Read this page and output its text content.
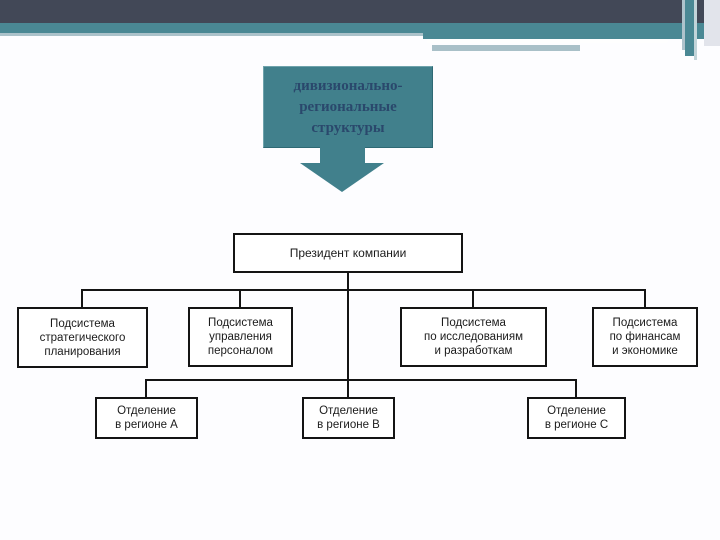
дивизионально-
региональные
структуры
Президент компании
Подсистема
стратегического
планирования
Подсистема
управления
персоналом
Подсистема
по исследованиям
и разработкам
Подсистема
по финансам
и экономике
Отделение
в регионе А
Отделение
в регионе В
Отделение
в регионе С
